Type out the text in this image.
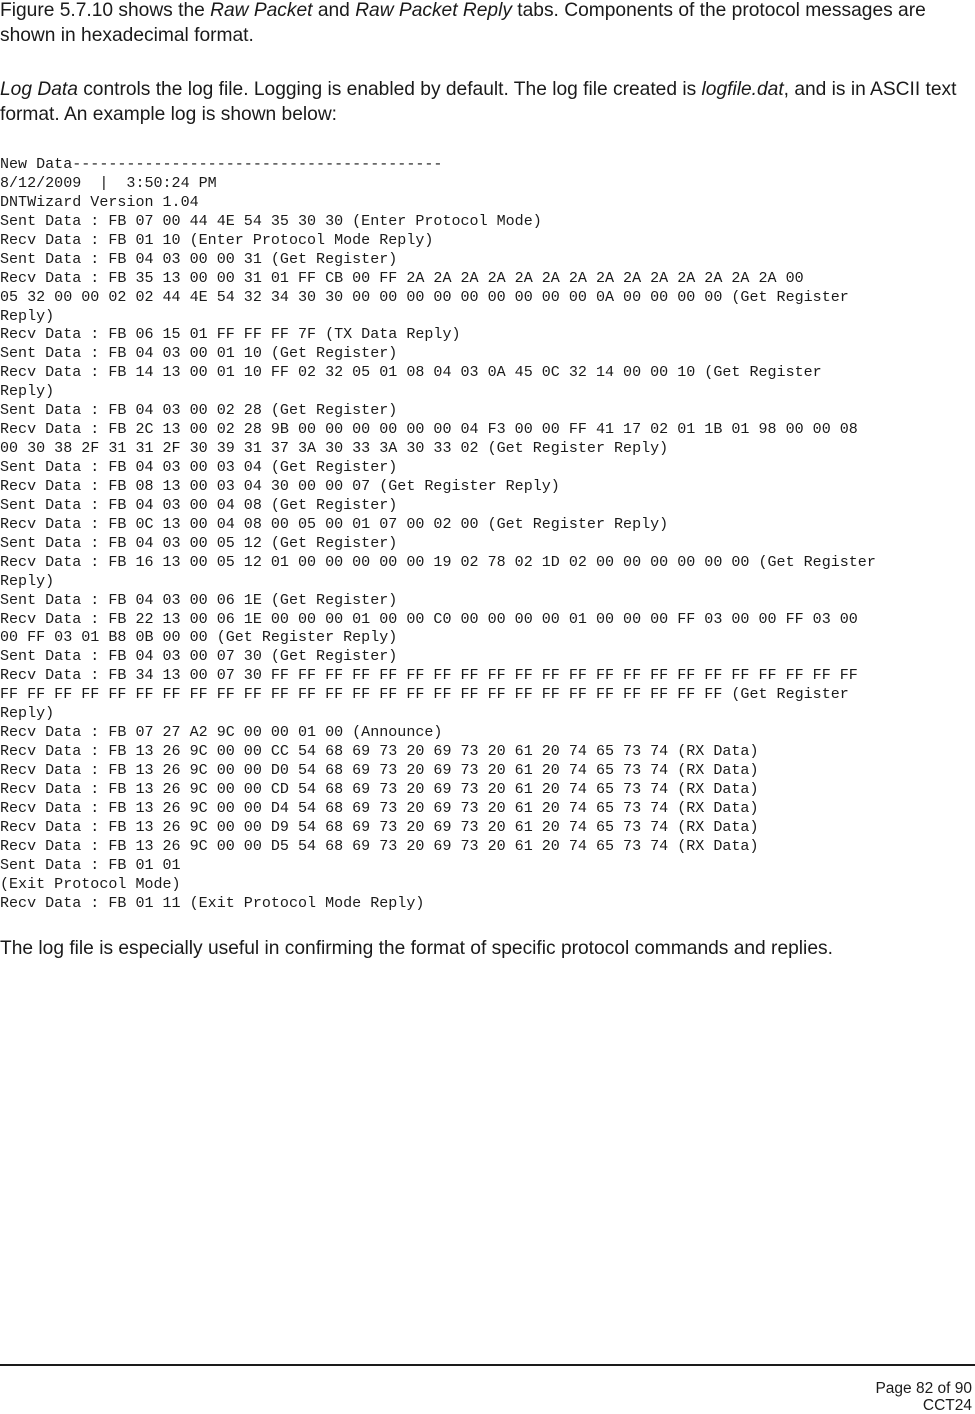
Figure 5.7.10 shows the Raw Packet and Raw Packet Reply tabs. Components of the protocol messages are shown in hexadecimal format.

Log Data controls the log file. Logging is enabled by default. The log file created is logfile.dat, and is in ASCII text format. An example log is shown below:

New Data-----------------------------------------
8/12/2009  |  3:50:24 PM
DNTWizard Version 1.04
Sent Data : FB 07 00 44 4E 54 35 30 30 (Enter Protocol Mode)
Recv Data : FB 01 10 (Enter Protocol Mode Reply)
Sent Data : FB 04 03 00 00 31 (Get Register)
Recv Data : FB 35 13 00 00 31 01 FF CB 00 FF 2A 2A 2A 2A 2A 2A 2A 2A 2A 2A 2A 2A 2A 2A 00
05 32 00 00 02 02 44 4E 54 32 34 30 30 00 00 00 00 00 00 00 00 00 0A 00 00 00 00 (Get Register
Reply)
Recv Data : FB 06 15 01 FF FF FF 7F (TX Data Reply)
Sent Data : FB 04 03 00 01 10 (Get Register)
Recv Data : FB 14 13 00 01 10 FF 02 32 05 01 08 04 03 0A 45 0C 32 14 00 00 10 (Get Register
Reply)
Sent Data : FB 04 03 00 02 28 (Get Register)
Recv Data : FB 2C 13 00 02 28 9B 00 00 00 00 00 00 04 F3 00 00 FF 41 17 02 01 1B 01 98 00 00 08
00 30 38 2F 31 31 2F 30 39 31 37 3A 30 33 3A 30 33 02 (Get Register Reply)
Sent Data : FB 04 03 00 03 04 (Get Register)
Recv Data : FB 08 13 00 03 04 30 00 00 07 (Get Register Reply)
Sent Data : FB 04 03 00 04 08 (Get Register)
Recv Data : FB 0C 13 00 04 08 00 05 00 01 07 00 02 00 (Get Register Reply)
Sent Data : FB 04 03 00 05 12 (Get Register)
Recv Data : FB 16 13 00 05 12 01 00 00 00 00 00 19 02 78 02 1D 02 00 00 00 00 00 00 (Get Register
Reply)
Sent Data : FB 04 03 00 06 1E (Get Register)
Recv Data : FB 22 13 00 06 1E 00 00 00 01 00 00 C0 00 00 00 00 01 00 00 00 FF 03 00 00 FF 03 00
00 FF 03 01 B8 0B 00 00 (Get Register Reply)
Sent Data : FB 04 03 00 07 30 (Get Register)
Recv Data : FB 34 13 00 07 30 FF FF FF FF FF FF FF FF FF FF FF FF FF FF FF FF FF FF FF FF FF FF
FF FF FF FF FF FF FF FF FF FF FF FF FF FF FF FF FF FF FF FF FF FF FF FF FF FF FF (Get Register
Reply)
Recv Data : FB 07 27 A2 9C 00 00 01 00 (Announce)
Recv Data : FB 13 26 9C 00 00 CC 54 68 69 73 20 69 73 20 61 20 74 65 73 74 (RX Data)
Recv Data : FB 13 26 9C 00 00 D0 54 68 69 73 20 69 73 20 61 20 74 65 73 74 (RX Data)
Recv Data : FB 13 26 9C 00 00 CD 54 68 69 73 20 69 73 20 61 20 74 65 73 74 (RX Data)
Recv Data : FB 13 26 9C 00 00 D4 54 68 69 73 20 69 73 20 61 20 74 65 73 74 (RX Data)
Recv Data : FB 13 26 9C 00 00 D9 54 68 69 73 20 69 73 20 61 20 74 65 73 74 (RX Data)
Recv Data : FB 13 26 9C 00 00 D5 54 68 69 73 20 69 73 20 61 20 74 65 73 74 (RX Data)
Sent Data : FB 01 01
(Exit Protocol Mode)
Recv Data : FB 01 11 (Exit Protocol Mode Reply)

The log file is especially useful in confirming the format of specific protocol commands and replies.

Page 82 of 90
CCT24
